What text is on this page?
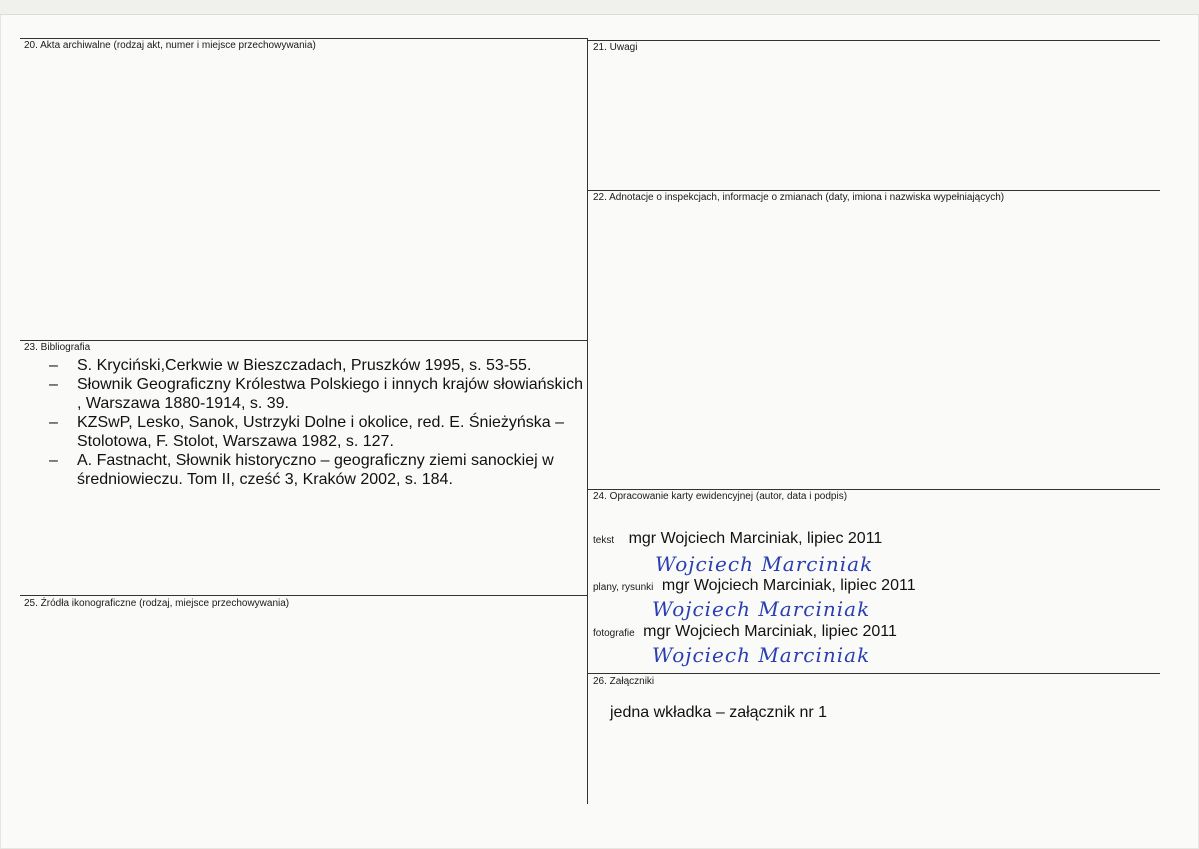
20. Akta archiwalne (rodzaj akt, numer i miejsce przechowywania)	21. Uwagi
22. Adnotacje o inspekcjach, informacje o zmianach (daty, imiona i nazwiska wypełniających)
23. Bibliografia
24. Opracowanie karty ewidencyjnej (autor, data i podpis)
25. Źródła ikonograficzne (rodzaj, miejsce przechowywania)
26. Załączniki
– S. Kryciński,Cerkwie w Bieszczadach, Pruszków 1995, s. 53-55.
– Słownik Geograficzny Królestwa Polskiego i innych krajów słowiańskich , Warszawa 1880-1914, s. 39.
– KZSwP, Lesko, Sanok, Ustrzyki Dolne i okolice, red. E. Śnieżyńska – Stolotowa, F. Stolot, Warszawa 1982, s. 127.
– A. Fastnacht, Słownik historyczno – geograficzny ziemi sanockiej w średniowieczu. Tom II, cześć 3, Kraków 2002, s. 184.
tekst mgr Wojciech Marciniak, lipiec 2011
Wojciech Marciniak
plany, rysunki mgr Wojciech Marciniak, lipiec 2011
Wojciech Marciniak
fotografie mgr Wojciech Marciniak, lipiec 2011
Wojciech Marciniak
jedna wkładka – załącznik nr 1
